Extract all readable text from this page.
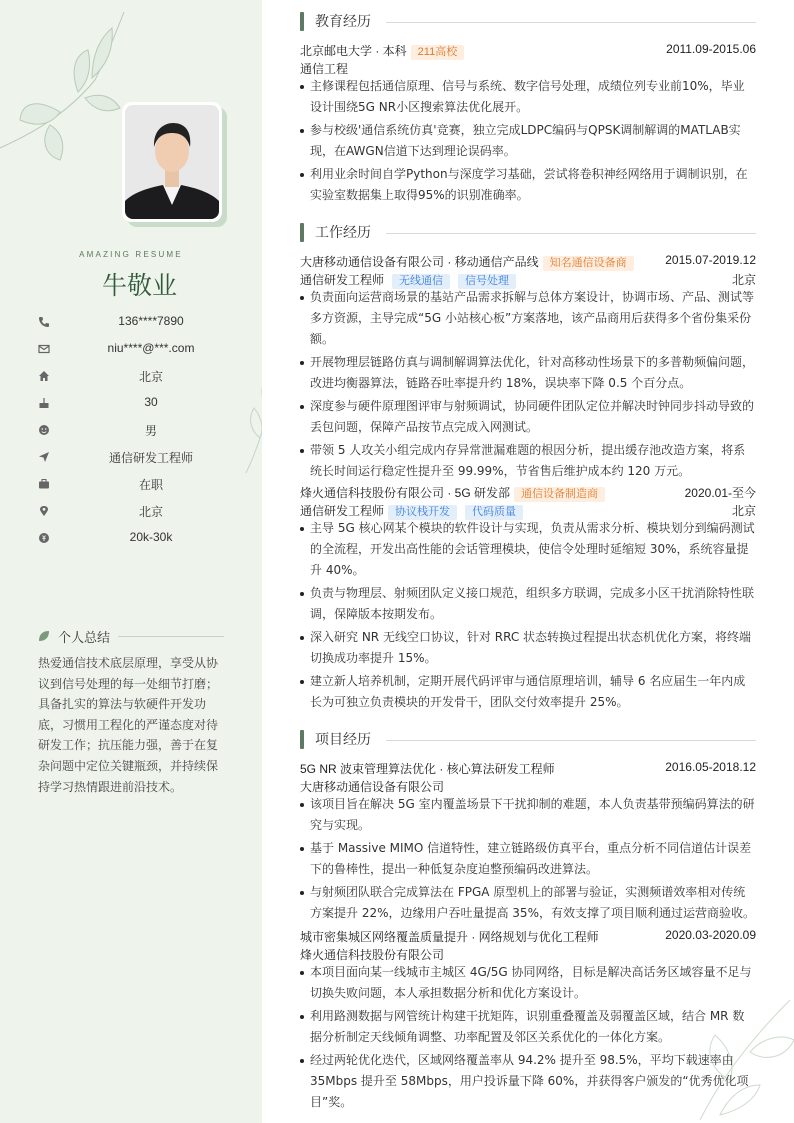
AMAZING RESUME
牛敬业
136****7890
niu****@***.com
北京
30
男
通信研发工程师
在职
北京
20k-30k
个人总结
热爱通信技术底层原理，享受从协议到信号处理的每一处细节打磨；具备扎实的算法与软硬件开发功底，习惯用工程化的严谨态度对待研发工作；抗压能力强，善于在复杂问题中定位关键瓶颈，并持续保持学习热情跟进前沿技术。
教育经历
北京邮电大学 · 本科 211高校	2011.09-2015.06
通信工程
主修课程包括通信原理、信号与系统、数字信号处理，成绩位列专业前10%，毕业设计围绕5G NR小区搜索算法优化展开。
参与校级'通信系统仿真'竞赛，独立完成LDPC编码与QPSK调制解调的MATLAB实现，在AWGN信道下达到理论误码率。
利用业余时间自学Python与深度学习基础，尝试将卷积神经网络用于调制识别，在实验室数据集上取得95%的识别准确率。
工作经历
大唐移动通信设备有限公司 · 移动通信产品线 知名通信设备商	2015.07-2019.12
通信研发工程师 无线通信 信号处理	北京
负责面向运营商场景的基站产品需求拆解与总体方案设计，协调市场、产品、测试等多方资源，主导完成“5G 小站核心板”方案落地，该产品商用后获得多个省份集采份额。
开展物理层链路仿真与调制解调算法优化，针对高移动性场景下的多普勒频偏问题，改进均衡器算法，链路吞吐率提升约 18%，误块率下降 0.5 个百分点。
深度参与硬件原理图评审与射频调试，协同硬件团队定位并解决时钟同步抖动导致的丢包问题，保障产品按节点完成入网测试。
带领 5 人攻关小组完成内存异常泄漏难题的根因分析，提出缓存池改造方案，将系统长时间运行稳定性提升至 99.99%，节省售后维护成本约 120 万元。
烽火通信科技股份有限公司 · 5G 研发部 通信设备制造商	2020.01-至今
通信研发工程师 协议栈开发 代码质量	北京
主导 5G 核心网某个模块的软件设计与实现，负责从需求分析、模块划分到编码测试的全流程，开发出高性能的会话管理模块，使信令处理时延缩短 30%，系统容量提升 40%。
负责与物理层、射频团队定义接口规范，组织多方联调，完成多小区干扰消除特性联调，保障版本按期发布。
深入研究 NR 无线空口协议，针对 RRC 状态转换过程提出状态机优化方案，将终端切换成功率提升 15%。
建立新人培养机制，定期开展代码评审与通信原理培训，辅导 6 名应届生一年内成长为可独立负责模块的开发骨干，团队交付效率提升 25%。
项目经历
5G NR 波束管理算法优化 · 核心算法研发工程师	2016.05-2018.12
大唐移动通信设备有限公司
该项目旨在解决 5G 室内覆盖场景下干扰抑制的难题，本人负责基带预编码算法的研究与实现。
基于 Massive MIMO 信道特性，建立链路级仿真平台，重点分析不同信道估计误差下的鲁棒性，提出一种低复杂度迫整预编码改进算法。
与射频团队联合完成算法在 FPGA 原型机上的部署与验证，实测频谱效率相对传统方案提升 22%，边缘用户吞吐量提高 35%，有效支撑了项目顺利通过运营商验收。
城市密集城区网络覆盖质量提升 · 网络规划与优化工程师	2020.03-2020.09
烽火通信科技股份有限公司
本项目面向某一线城市主城区 4G/5G 协同网络，目标是解决高话务区域容量不足与切换失败问题，本人承担数据分析和优化方案设计。
利用路测数据与网管统计构建干扰矩阵，识别重叠覆盖及弱覆盖区域，结合 MR 数据分析制定天线倾角调整、功率配置及邻区关系优化的一体化方案。
经过两轮优化迭代，区域网络覆盖率从 94.2% 提升至 98.5%，平均下载速率由 35Mbps 提升至 58Mbps，用户投诉量下降 60%，并获得客户颁发的“优秀优化项目”奖。
